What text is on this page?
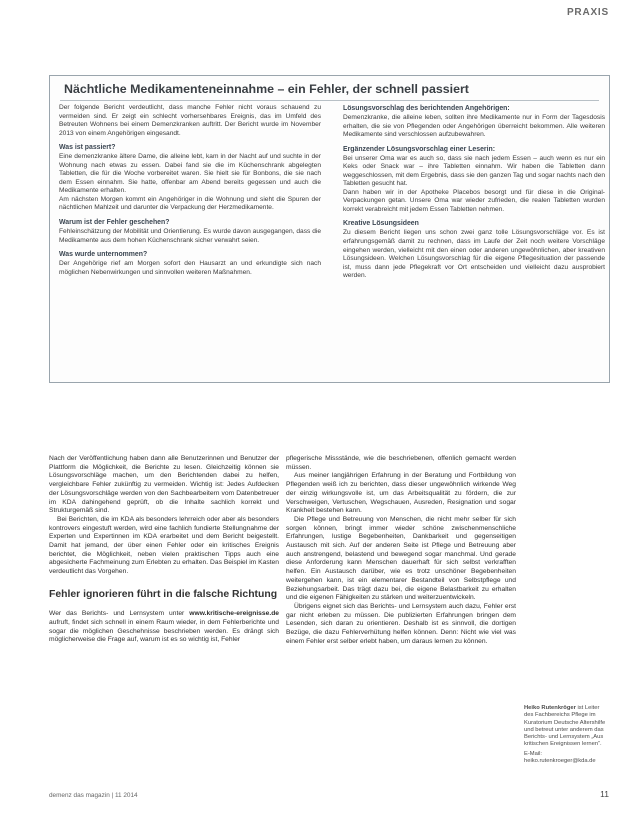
PRAXIS
Nächtliche Medikamenteneinnahme – ein Fehler, der schnell passiert

Der folgende Bericht verdeutlicht, dass manche Fehler nicht voraus schauend zu vermeiden sind. Er zeigt ein schlecht vorhersehbares Ereignis, das im Umfeld des Betreuten Wohnens bei einem Demenzkranken auftritt. Der Bericht wurde im November 2013 von einem Angehörigen eingesandt.

Was ist passiert?

Eine demenzkranke ältere Dame, die alleine lebt, kam in der Nacht auf und suchte in der Wohnung nach etwas zu essen. Dabei fand sie die im Küchenschrank abgelegten Tabletten, die für die Woche vorbereitet waren. Sie hielt sie für Bonbons, die sie nach dem Essen einnahm. Sie hatte, offenbar am Abend bereits gegessen und auch die Medikamente erhalten.

Am nächsten Morgen kommt ein Angehöriger in die Wohnung und sieht die Spuren der nächtlichen Mahlzeit und darunter die Verpackung der Herzmedikamente.

Warum ist der Fehler geschehen?

Fehleinschätzung der Mobilität und Orientierung. Es wurde davon ausgegangen, dass die Medikamente aus dem hohen Küchenschrank sicher verwahrt seien.

Was wurde unternommen?

Der Angehörige rief am Morgen sofort den Hausarzt an und erkundigte sich nach möglichen Nebenwirkungen und sinnvollen weiteren Maßnahmen.

Lösungsvorschlag des berichtenden Angehörigen:

Demenzkranke, die alleine leben, sollten ihre Medikamente nur in Form der Tagesdosis erhalten, die sie von Pflegenden oder Angehörigen überreicht bekommen. Alle weiteren Medikamente sind verschlossen aufzubewahren.

Ergänzender Lösungsvorschlag einer Leserin:

Bei unserer Oma war es auch so, dass sie nach jedem Essen – auch wenn es nur ein Keks oder Snack war – ihre Tabletten einnahm. Wir haben die Tabletten dann weggeschlossen, mit dem Ergebnis, dass sie den ganzen Tag und sogar nachts nach den Tabletten gesucht hat.

Dann haben wir in der Apotheke Placebos besorgt und für diese in die Original-Verpackungen getan. Unsere Oma war wieder zufrieden, die realen Tabletten wurden korrekt verabreicht mit jedem Essen Tabletten nehmen.

Kreative Lösungsideen

Zu diesem Bericht liegen uns schon zwei ganz tolle Lösungsvorschläge vor. Es ist erfahrungsgemäß damit zu rechnen, dass im Laufe der Zeit noch weitere Vorschläge eingehen werden, vielleicht mit den einen oder anderen ungewöhnlichen, aber kreativen Lösungsideen. Welchen Lösungsvorschlag für die eigene Pflegesituation der passende ist, muss dann jede Pflegekraft vor Ort entscheiden und vielleicht dazu ausprobiert werden.

Nach der Veröffentlichung haben dann alle Benutzerinnen und Benutzer der Plattform die Möglichkeit, die Berichte zu lesen. Gleichzeitig können sie Lösungsvorschläge machen, um den Berichtenden dabei zu helfen, vergleichbare Fehler zukünftig zu vermeiden. Wichtig ist: Jedes Aufdecken der Lösungsvorschläge werden von den Sachbearbeitern vom Datenbetreuer im KDA dahingehend geprüft, ob die Inhalte sachlich korrekt und Strukturgemäß sind.

Bei Berichten, die im KDA als besonders lehrreich oder aber als besonders kontrovers eingestuft werden, wird eine fachlich fundierte Stellungnahme der Experten und Expertinnen im KDA erarbeitet und dem Bericht beigestellt. Damit hat jemand, der über einen Fehler oder ein kritisches Ereignis berichtet, die Möglichkeit, neben vielen praktischen Tipps auch eine abgesicherte Fachmeinung zum Erlebten zu erhalten. Das Beispiel im Kasten verdeutlicht das Vorgehen.

Fehler ignorieren führt in die falsche Richtung

Wer das Berichts- und Lernsystem unter www.kritische-ereignisse.de aufruft, findet sich schnell in einem Raum wieder, in dem Fehlerberichte und sogar die möglichen Geschehnisse beschrieben werden. Es drängt sich möglicherweise die Frage auf, warum ist es so wichtig ist, Fehler

pflegerische Missstände, wie die beschriebenen, offenlich gemacht werden müssen.

Aus meiner langjährigen Erfahrung in der Beratung und Fortbildung von Pflegenden weiß ich zu berichten, dass dieser ungewöhnlich wirkende Weg der einzig wirkungsvolle ist, um das Arbeitsqualität zu fördern, die zur Verschweigen, Vertuschen, Wegschauen, Ausreden, Resignation und sogar Krankheit bestehen kann.

Die Pflege und Betreuung von Menschen, die nicht mehr selber für sich sorgen können, bringt immer wieder schöne zwischenmenschliche Erfahrungen, lustige Begebenheiten, Dankbarkeit und gegenseitigen Austausch mit sich. Auf der anderen Seite ist Pflege und Betreuung aber auch anstrengend, belastend und bewegend sogar manchmal. Und gerade diese Anforderung kann Menschen dauerhaft für sich selbst verkrafften helfen. Ein Austausch darüber, wie es trotz unschöner Begebenheiten weitergehen kann, ist ein elementarer Bestandteil von Selbstpflege und Beziehungsarbeit. Das trägt dazu bei, die eigene Belastbarkeit zu erhalten und die eigenen Fähigkeiten zu stärken und weiterzuentwickeln.

Übrigens eignet sich das Berichts- und Lernsystem auch dazu, Fehler erst gar nicht erleben zu müssen. Die publizierten Erfahrungen bringen dem Lesenden, sich daran zu orientieren. Deshalb ist es sinnvoll, die dortigen Bezüge, die dazu Fehlerverhütung helfen können. Denn: Nicht wie viel was einem Fehler erst selber erlebt haben, um daraus lernen zu können.

Heiko Rutenkröger ist Leiter des Fachbereichs Pflege im Kuratorium Deutsche Altershilfe und betreut unter anderem das Berichts- und Lernsystem „Aus kritischen Ereignissen lernen“.
E-Mail: heiko.rutenkroeger@kda.de
demenz das magazin | 11 2014	11
